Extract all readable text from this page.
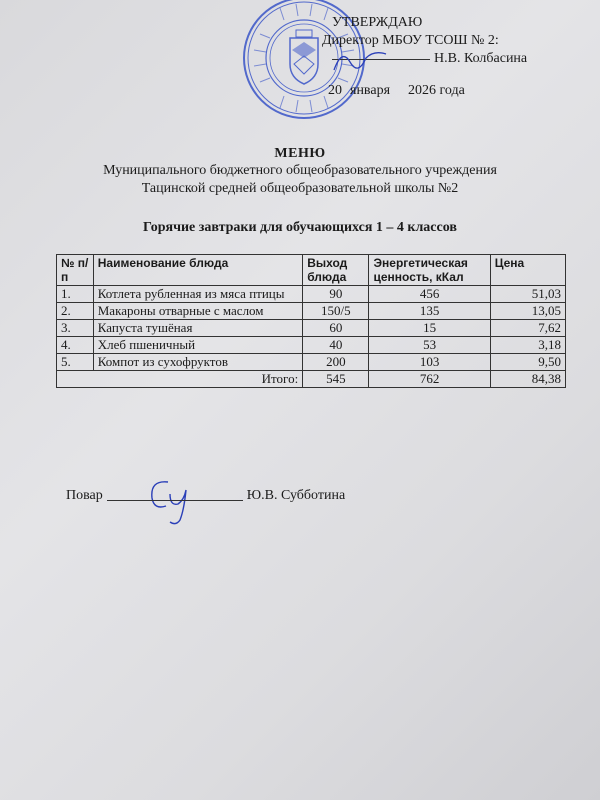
УТВЕРЖДАЮ
Директор МБОУ ТСОШ № 2:
Н.В. Колбасина
20 января 2026 года
МЕНЮ
Муниципального бюджетного общеобразовательного учреждения
Тацинской средней общеобразовательной школы №2
Горячие завтраки для обучающихся 1 – 4 классов
№ п/п	Наименование блюда	Выход блюда	Энергетическая ценность, кКал	Цена
1.	Котлета рубленная из мяса птицы	90	456	51,03
2.	Макароны отварные с маслом	150/5	135	13,05
3.	Капуста тушёная	60	15	7,62
4.	Хлеб пшеничный	40	53	3,18
5.	Компот из сухофруктов	200	103	9,50
Итого:		545	762	84,38
Повар	Ю.В. Субботина
